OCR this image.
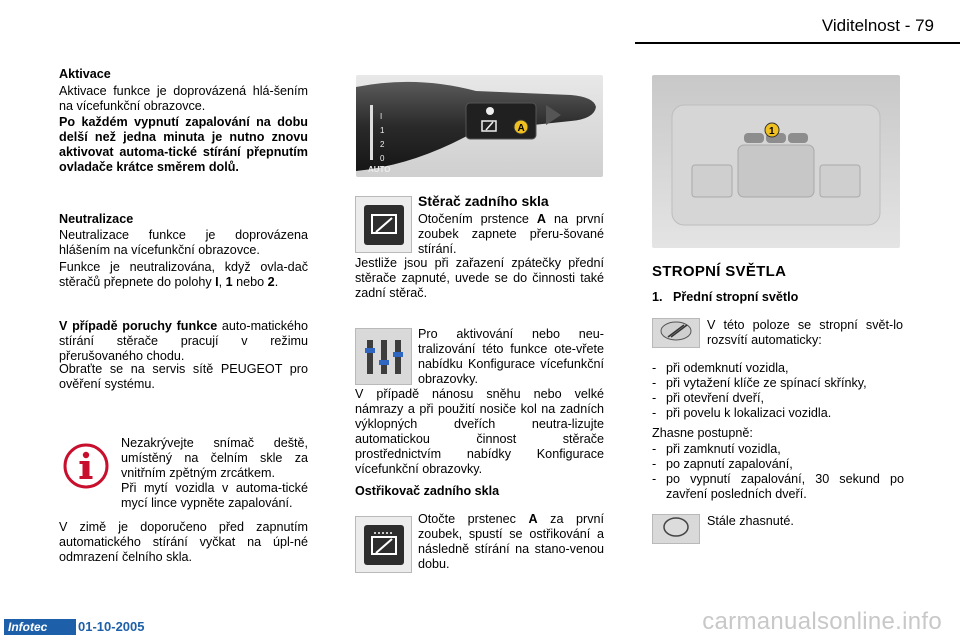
Viditelnost - 79
Aktivace

Aktivace funkce je doprovázená hlá-šením na vícefunkční obrazovce.

Po každém vypnutí zapalování na dobu delší než jedna minuta je nutno znovu aktivovat automa-tické stírání přepnutím ovladače krátce směrem dolů.

Neutralizace

Neutralizace funkce je doprovázena hlášením na vícefunkční obrazovce.

Funkce je neutralizována, když ovla-dač stěračů přepnete do polohy I, 1 nebo 2.

V případě poruchy funkce auto-matického stírání stěrače pracují v režimu přerušovaného chodu.

Obraťte se na servis sítě PEUGEOT pro ověření systému.

Nezakrývejte snímač deště, umístěný na čelním skle za vnitřním zpětným zrcátkem.

Při mytí vozidla v automa-tické mycí lince vypněte zapalování.

V zimě je doporučeno před zapnutím automatického stírání vyčkat na úpl-né odmrazení čelního skla.

I
1
2
0
AUTO
A
Stěrač zadního skla

Otočením prstence A na první zoubek zapnete přeru-šované stírání.

Jestliže jsou při zařazení zpátečky přední stěrače zapnuté, uvede se do činnosti také zadní stěrač.

Pro aktivování nebo neu-tralizování této funkce ote-vřete nabídku Konfigurace vícefunkční obrazovky.

V případě nánosu sněhu nebo velké námrazy a při použití nosiče kol na zadních výklopných dveřích neutra-lizujte automatickou činnost stěrače prostřednictvím nabídky Konfigurace vícefunkční obrazovky.

Ostřikovač zadního skla

Otočte prstenec A za první zoubek, spustí se ostřikování a následně stírání na stano-venou dobu.

1
STROPNÍ SVĚTLA
1.   Přední stropní světlo

V této poloze se stropní svět-lo rozsvítí automaticky:

- při odemknutí vozidla,
- při vytažení klíče ze spínací skřínky,
- při otevření dveří,
- při povelu k lokalizaci vozidla.
Zhasne postupně:
- při zamknutí vozidla,
- po zapnutí zapalování,
- po vypnutí zapalování, 30 sekund po zavření posledních dveří.
Stále zhasnuté.
Infotec	01-10-2005	carmanualsonline.info
